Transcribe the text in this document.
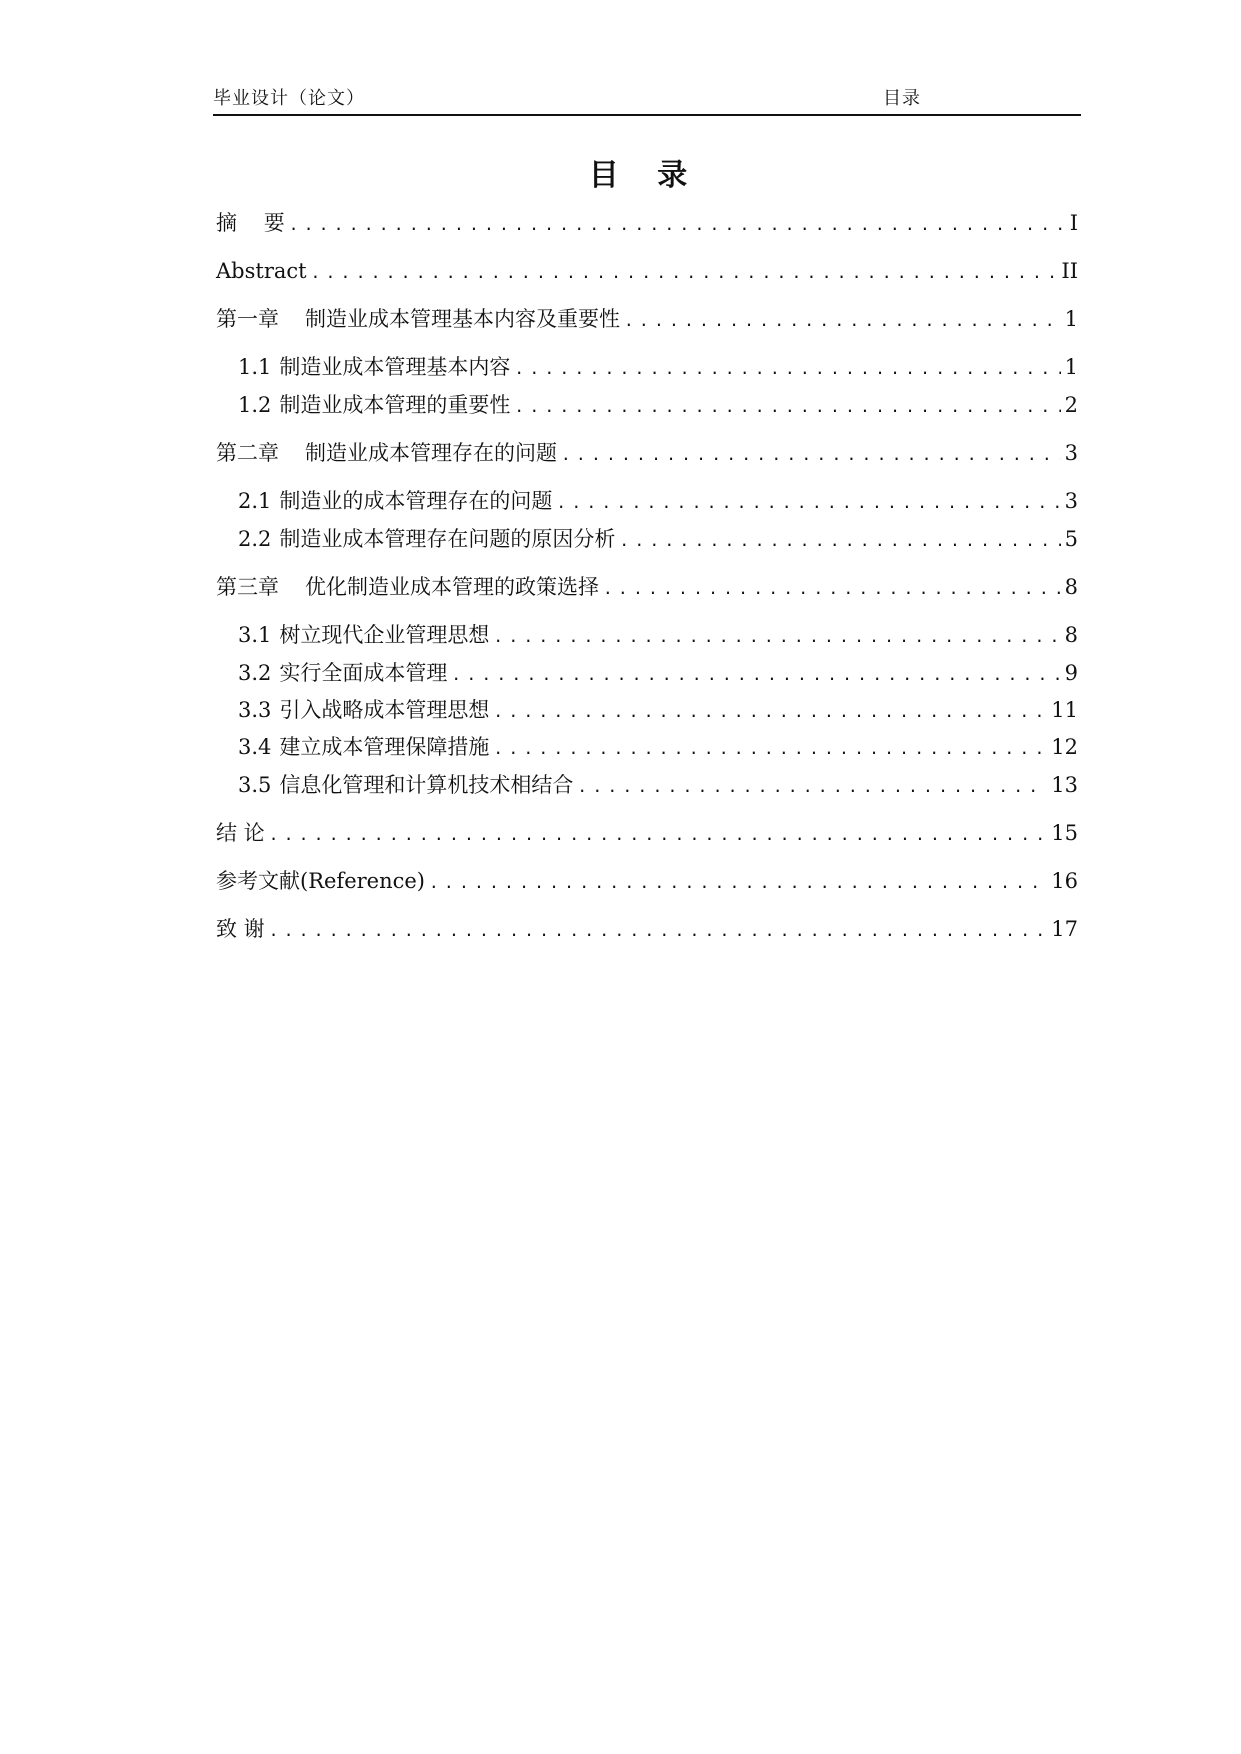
毕业设计（论文）	目录
目 录
摘    要 .....	I
Abstract .....	II
第一章 制造业成本管理基本内容及重要性 .....	1
1.1 制造业成本管理基本内容 .....	1
1.2 制造业成本管理的重要性 .....	2
第二章 制造业成本管理存在的问题 .....	3
2.1 制造业的成本管理存在的问题 .....	3
2.2 制造业成本管理存在问题的原因分析 .....	5
第三章 优化制造业成本管理的政策选择 .....	8
3.1 树立现代企业管理思想 .....	8
3.2 实行全面成本管理 .....	9
3.3 引入战略成本管理思想 .....	11
3.4 建立成本管理保障措施 .....	12
3.5 信息化管理和计算机技术相结合 .....	13
结 论 .....	15
参考文献(Reference) .....	16
致 谢 .....	17
